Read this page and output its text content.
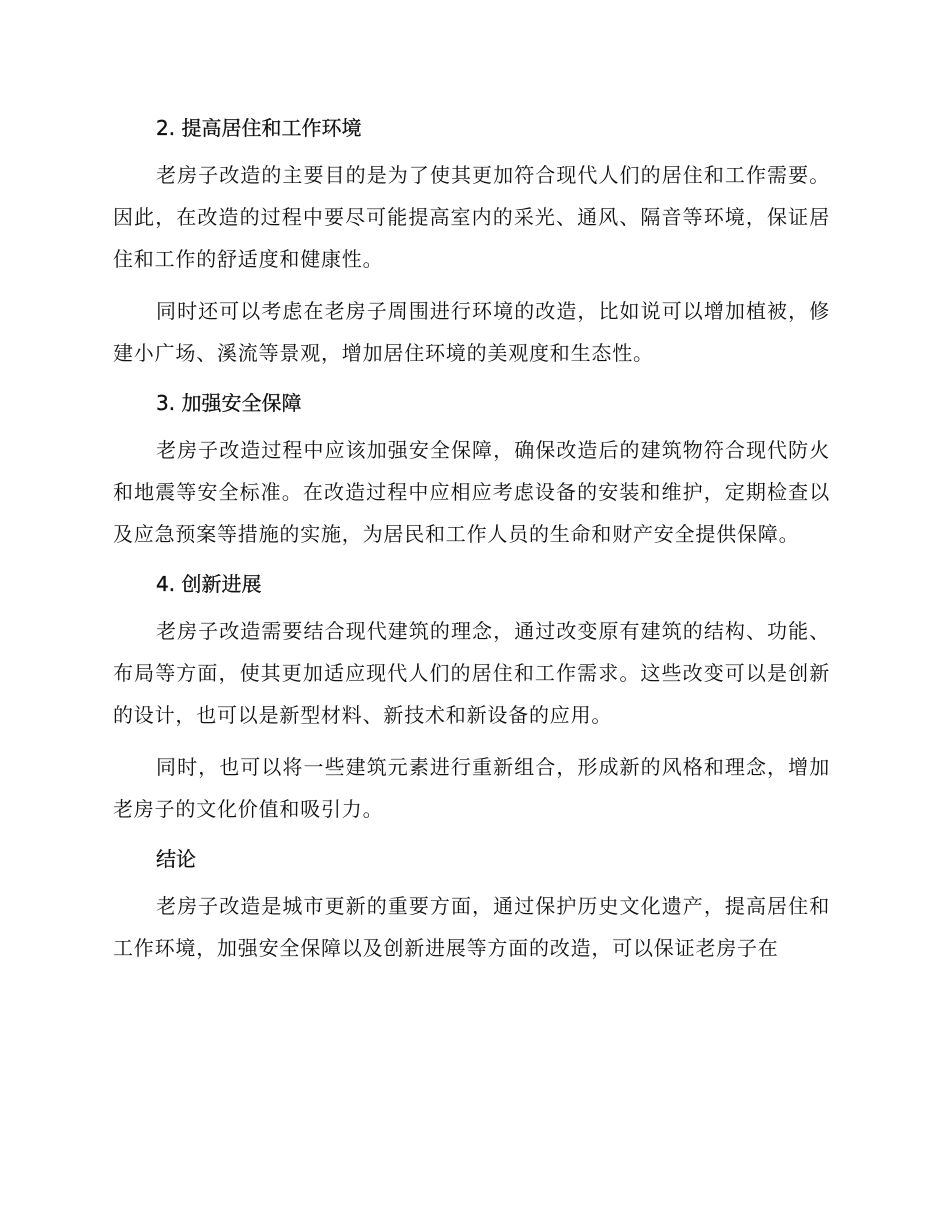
2. 提高居住和工作环境

老房子改造的主要目的是为了使其更加符合现代人们的居住和工作需要。因此，在改造的过程中要尽可能提高室内的采光、通风、隔音等环境，保证居住和工作的舒适度和健康性。

同时还可以考虑在老房子周围进行环境的改造，比如说可以增加植被，修建小广场、溪流等景观，增加居住环境的美观度和生态性。

3. 加强安全保障

老房子改造过程中应该加强安全保障，确保改造后的建筑物符合现代防火和地震等安全标准。在改造过程中应相应考虑设备的安装和维护，定期检查以及应急预案等措施的实施，为居民和工作人员的生命和财产安全提供保障。

4. 创新进展

老房子改造需要结合现代建筑的理念，通过改变原有建筑的结构、功能、布局等方面，使其更加适应现代人们的居住和工作需求。这些改变可以是创新的设计，也可以是新型材料、新技术和新设备的应用。

同时，也可以将一些建筑元素进行重新组合，形成新的风格和理念，增加老房子的文化价值和吸引力。

结论

老房子改造是城市更新的重要方面，通过保护历史文化遗产，提高居住和工作环境，加强安全保障以及创新进展等方面的改造，可以保证老房子在
